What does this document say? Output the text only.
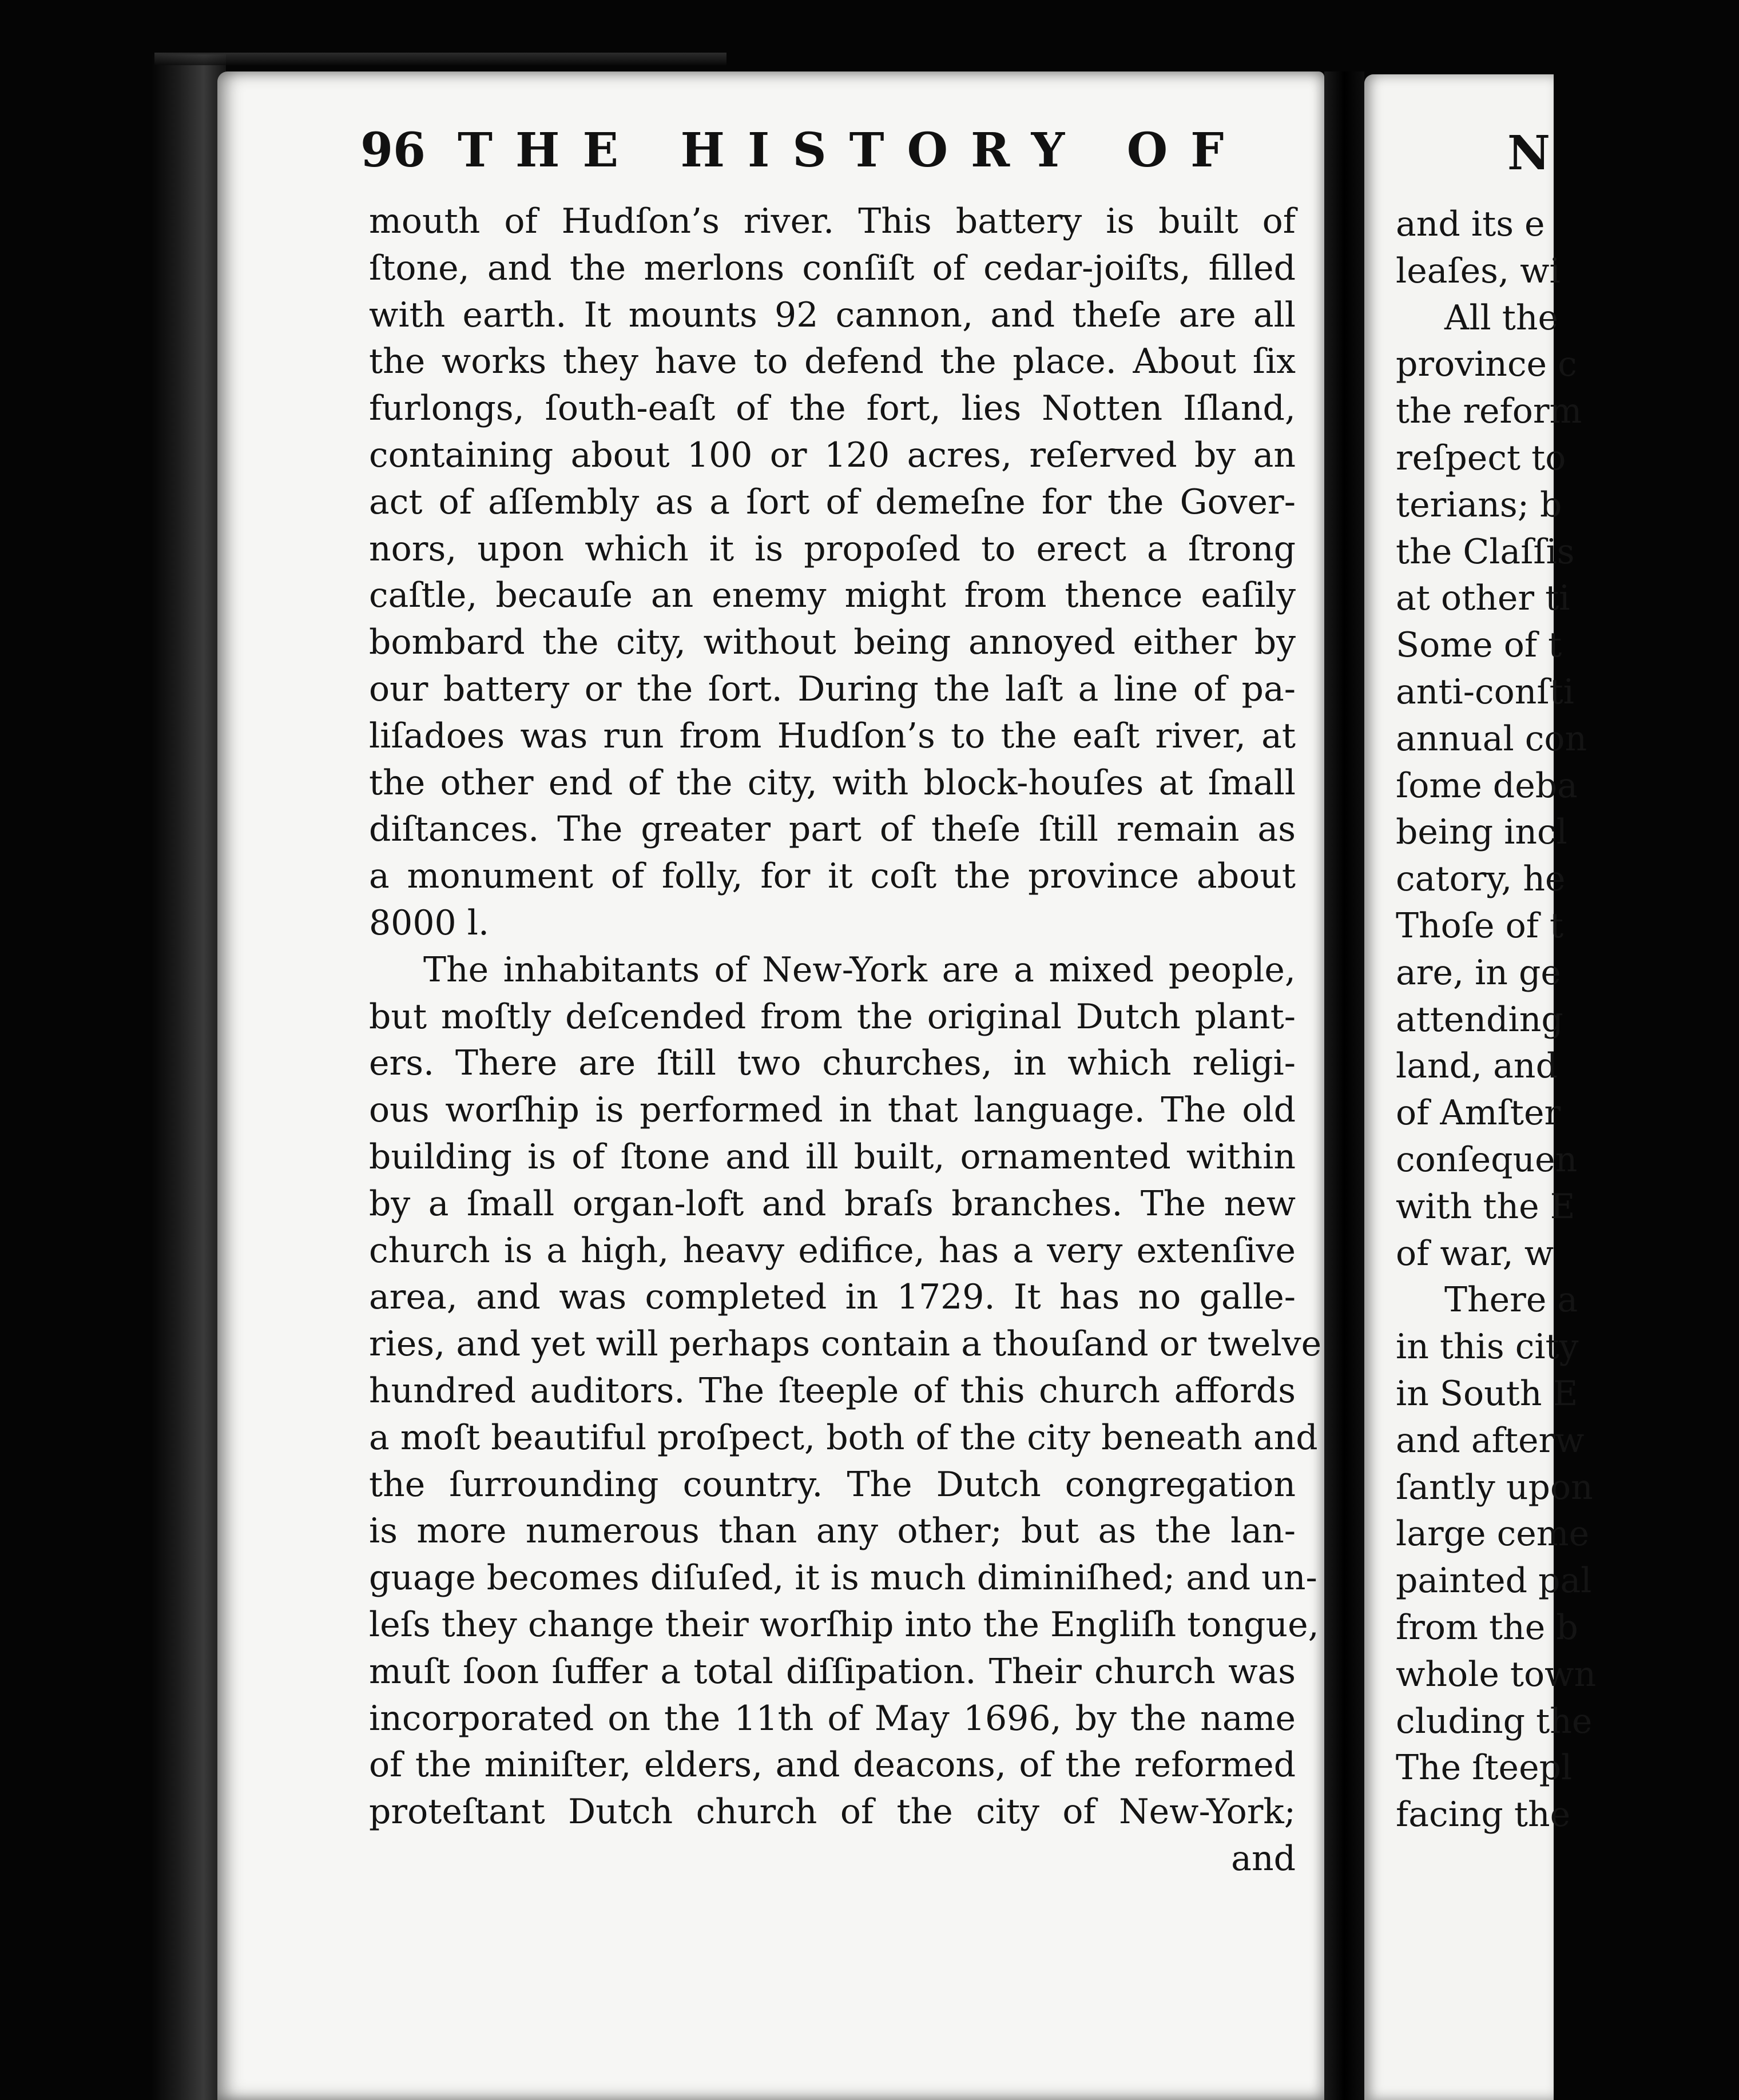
96 THE HISTORY OF
mouth of Hudſon’s river. This battery is built of
ſtone, and the merlons conſiſt of cedar-joiſts, filled
with earth. It mounts 92 cannon, and theſe are all
the works they have to defend the place. About ſix
furlongs, ſouth-eaſt of the fort, lies Notten Iſland,
containing about 100 or 120 acres, reſerved by an
act of aſſembly as a ſort of demeſne for the Gover-
nors, upon which it is propoſed to erect a ſtrong
caſtle, becauſe an enemy might from thence eaſily
bombard the city, without being annoyed either by
our battery or the ſort. During the laſt a line of pa-
liſadoes was run from Hudſon’s to the eaſt river, at
the other end of the city, with block-houſes at ſmall
diſtances. The greater part of theſe ſtill remain as
a monument of folly, for it coſt the province about
8000 l.
The inhabitants of New-York are a mixed people,
but moſtly deſcended from the original Dutch plant-
ers. There are ſtill two churches, in which religi-
ous worſhip is performed in that language. The old
building is of ſtone and ill built, ornamented within
by a ſmall organ-loft and braſs branches. The new
church is a high, heavy edifice, has a very extenſive
area, and was completed in 1729. It has no galle-
ries, and yet will perhaps contain a thouſand or twelve
hundred auditors. The ſteeple of this church affords
a moſt beautiful proſpect, both of the city beneath and
the ſurrounding country. The Dutch congregation
is more numerous than any other; but as the lan-
guage becomes diſuſed, it is much diminiſhed; and un-
leſs they change their worſhip into the Engliſh tongue,
muſt ſoon ſuffer a total diſſipation. Their church was
incorporated on the 11th of May 1696, by the name
of the miniſter, elders, and deacons, of the reformed
proteſtant Dutch church of the city of New-York;
and
N
and its e
leaſes, wi
All the
province c
the reform
reſpect to
terians; b
the Claſſis
at other ti
Some of t
anti-conſti
annual con
ſome deba
being incl
catory, he
Thoſe of t
are, in ge
attending
land, and
of Amſter
conſequen
with the E
of war, w
There a
in this city
in South E
and afterw
ſantly upon
large ceme
painted pal
from the b
whole town
cluding the
The ſteepl
facing the
